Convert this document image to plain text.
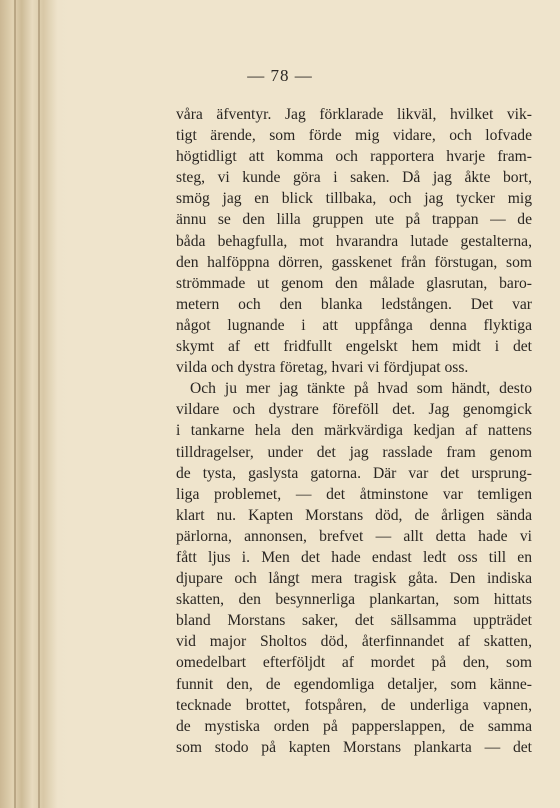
— 78 —
våra äfventyr. Jag förklarade likväl, hvilket vik-
tigt ärende, som förde mig vidare, och lofvade
högtidligt att komma och rapportera hvarje fram-
steg, vi kunde göra i saken. Då jag åkte bort,
smög jag en blick tillbaka, och jag tycker mig
ännu se den lilla gruppen ute på trappan — de
båda behagfulla, mot hvarandra lutade gestalterna,
den halföppna dörren, gasskenet från förstugan, som
strömmade ut genom den målade glasrutan, baro-
metern och den blanka ledstången. Det var
något lugnande i att uppfånga denna flyktiga
skymt af ett fridfullt engelskt hem midt i det
vilda och dystra företag, hvari vi fördjupat oss.
Och ju mer jag tänkte på hvad som händt, desto
vildare och dystrare föreföll det. Jag genomgick
i tankarne hela den märkvärdiga kedjan af nattens
tilldragelser, under det jag rasslade fram genom
de tysta, gaslysta gatorna. Där var det ursprung-
liga problemet, — det åtminstone var temligen
klart nu. Kapten Morstans död, de årligen sända
pärlorna, annonsen, brefvet — allt detta hade vi
fått ljus i. Men det hade endast ledt oss till en
djupare och långt mera tragisk gåta. Den indiska
skatten, den besynnerliga plankartan, som hittats
bland Morstans saker, det sällsamma uppträdet
vid major Sholtos död, återfinnandet af skatten,
omedelbart efterföljdt af mordet på den, som
funnit den, de egendomliga detaljer, som känne-
tecknade brottet, fotspåren, de underliga vapnen,
de mystiska orden på papperslappen, de samma
som stodo på kapten Morstans plankarta — det
